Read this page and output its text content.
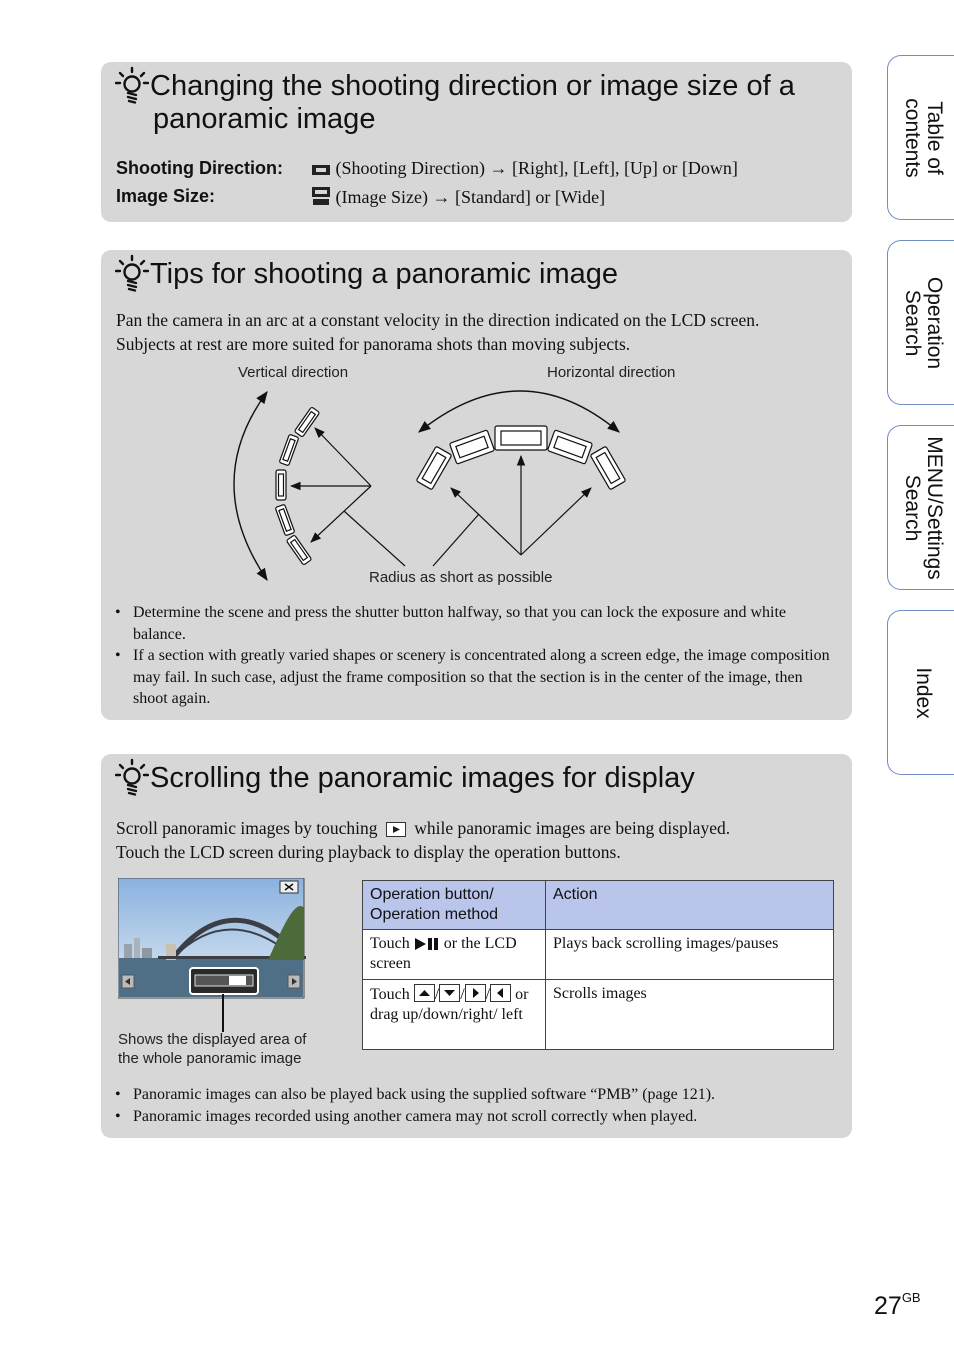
Changing the shooting direction or image size of a
panoramic image
Shooting Direction:	(Shooting Direction) → [Right], [Left], [Up] or [Down]
Image Size:	(Image Size) → [Standard] or [Wide]
Tips for shooting a panoramic image

Pan the camera in an arc at a constant velocity in the direction indicated on the LCD screen.
Subjects at rest are more suited for panorama shots than moving subjects.

Vertical direction	Horizontal direction
Radius as short as possible
• Determine the scene and press the shutter button halfway, so that you can lock the exposure and white balance.
• If a section with greatly varied shapes or scenery is concentrated along a screen edge, the image composition may fail. In such case, adjust the frame composition so that the section is in the center of the image, then shoot again.
Scrolling the panoramic images for display

Scroll panoramic images by touching while panoramic images are being displayed.
Touch the LCD screen during playback to display the operation buttons.

Shows the displayed area of
the whole panoramic image
Operation button/ Operation method	Action
Touch or the LCD screen	Plays back scrolling images/pauses
Touch / / / or drag up/down/right/ left	Scrolls images
• Panoramic images can also be played back using the supplied software “PMB” (page 121).
• Panoramic images recorded using another camera may not scroll correctly when played.
Table of
contents
Operation
Search
MENU/Settings
Search
Index
$27^{GB}$
